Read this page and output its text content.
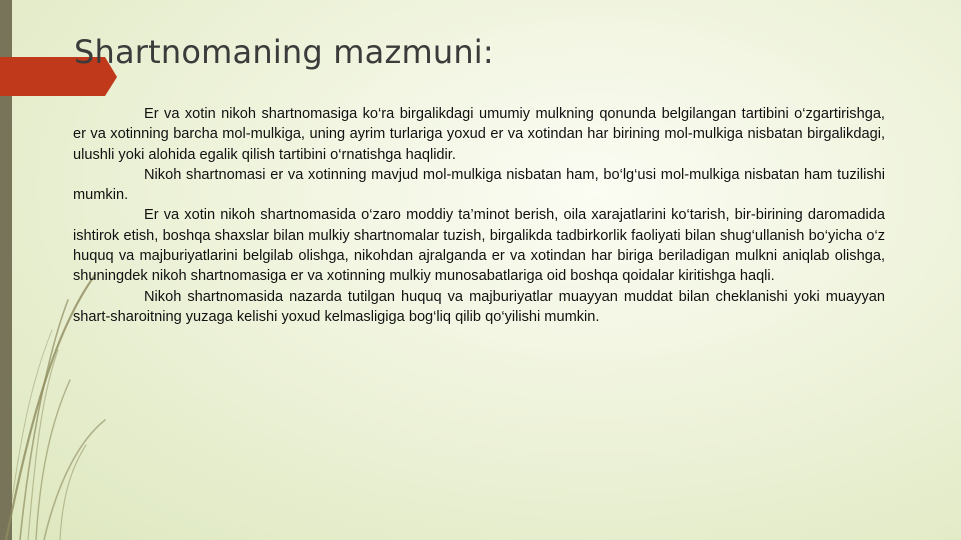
Shartnomaning mazmuni:

Er va xotin nikoh shartnomasiga ko‘ra birgalikdagi umumiy mulkning qonunda belgilangan tartibini o‘zgartirishga, er va xotinning barcha mol-mulkiga, uning ayrim turlariga yoxud er va xotindan har birining mol-mulkiga nisbatan birgalikdagi, ulushli yoki alohida egalik qilish tartibini o‘rnatishga haqlidir.

Nikoh shartnomasi er va xotinning mavjud mol-mulkiga nisbatan ham, bo‘lg‘usi mol-mulkiga nisbatan ham tuzilishi mumkin.

Er va xotin nikoh shartnomasida o‘zaro moddiy ta’minot berish, oila xarajatlarini ko‘tarish, bir-birining daromadida ishtirok etish, boshqa shaxslar bilan mulkiy shartnomalar tuzish, birgalikda tadbirkorlik faoliyati bilan shug‘ullanish bo‘yicha o‘z huquq va majburiyatlarini belgilab olishga, nikohdan ajralganda er va xotindan har biriga beriladigan mulkni aniqlab olishga, shuningdek nikoh shartnomasiga er va xotinning mulkiy munosabatlariga oid boshqa qoidalar kiritishga haqli.

Nikoh shartnomasida nazarda tutilgan huquq va majburiyatlar muayyan muddat bilan cheklanishi yoki muayyan shart-sharoitning yuzaga kelishi yoxud kelmasligiga bog‘liq qilib qo‘yilishi mumkin.
